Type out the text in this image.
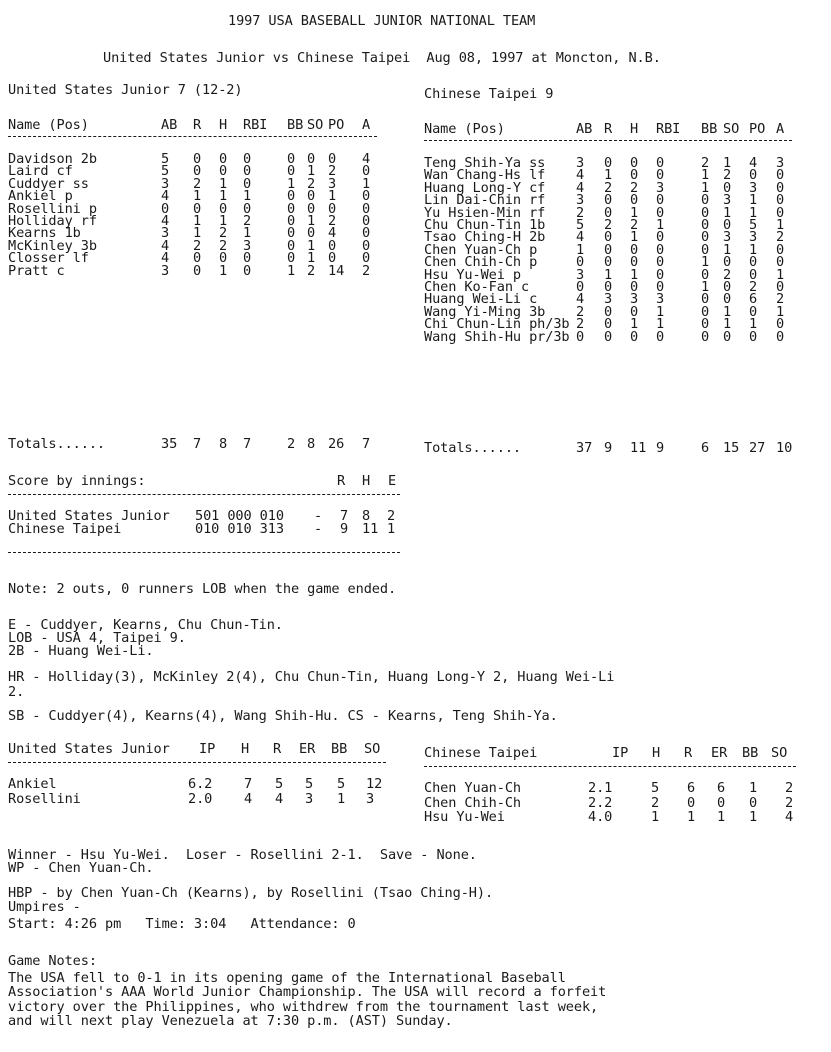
1997 USA BASEBALL JUNIOR NATIONAL TEAM
United States Junior vs Chinese Taipei  Aug 08, 1997 at Moncton, N.B.
United States Junior 7 (12-2)	Chinese Taipei 9
Name (Pos)	AB R H RBI BB SO PO A
Davidson 2b	5 0 0 0	0 0 0 4
Laird cf	5 0 0 0	0 1 2 0
Cuddyer ss	3 2 1 0	1 2 3 1
Ankiel p	4 1 1 1	0 0 1 0
Rosellini p	0 0 0 0	0 0 0 0
Holliday rf	4 1 1 2	0 1 2 0
Kearns 1b	3 1 2 1	0 0 4 0
McKinley 3b	4 2 2 3	0 1 0 0
Closser lf	4 0 0 0	0 1 0 0
Pratt c	3 0 1 0	1 2 14 2
Totals......	35 7 8 7	2 8 26 7
Name (Pos)	AB R H RBI BB SO PO A
Teng Shih-Ya ss 3 0 0 0	2 1 4 3
Wan Chang-Hs lf 4 1 0 0	1 2 0 0
Huang Long-Y cf 4 2 2 3	1 0 3 0
Lin Dai-Chin rf 3 0 0 0	0 3 1 0
Yu Hsien-Min rf 2 0 1 0	0 1 1 0
Chu Chun-Tin 1b 5 2 2 1	0 0 5 1
Tsao Ching-H 2b 4 0 1 0	0 3 3 2
Chen Yuan-Ch p	1 0 0 0	0 1 1 0
Chen Chih-Ch p	0 0 0 0	1 0 0 0
Hsu Yu-Wei p	3 1 1 0	0 2 0 1
Chen Ko-Fan c	0 0 0 0	1 0 2 0
Huang Wei-Li c	4 3 3 3	0 0 6 2
Wang Yi-Ming 3b 2 0 0 1	0 1 0 1
Chi Chun-Lin ph/3b 2 0 1 1	0 1 1 0
Wang Shih-Hu pr/3b 0 0 0 0	0 0 0 0
Totals......	37 9 11 9	6 15 27 10
Score by innings:	R H E
United States Junior 501 000 010 - 7 8 2
Chinese Taipei	010 010 313 - 9 11 1
Note: 2 outs, 0 runners LOB when the game ended.
E - Cuddyer, Kearns, Chu Chun-Tin.
LOB - USA 4, Taipei 9.
2B - Huang Wei-Li.
HR - Holliday(3), McKinley 2(4), Chu Chun-Tin, Huang Long-Y 2, Huang Wei-Li
2.
SB - Cuddyer(4), Kearns(4), Wang Shih-Hu. CS - Kearns, Teng Shih-Ya.
United States Junior IP H R ER BB SO
Ankiel	6.2 7 5 5 5 12
Rosellini	2.0 4 4 3 1 3
Chinese Taipei	IP H R ER BB SO
Chen Yuan-Ch	2.1	5 6 6 1 2
Chen Chih-Ch	2.2	2 0 0 0 2
Hsu Yu-Wei	4.0	1 1 1 1 4
Winner - Hsu Yu-Wei.  Loser - Rosellini 2-1.  Save - None.
WP - Chen Yuan-Ch.
HBP - by Chen Yuan-Ch (Kearns), by Rosellini (Tsao Ching-H).
Umpires -
Start: 4:26 pm   Time: 3:04   Attendance: 0
Game Notes:
The USA fell to 0-1 in its opening game of the International Baseball
Association's AAA World Junior Championship. The USA will record a forfeit
victory over the Philippines, who withdrew from the tournament last week,
and will next play Venezuela at 7:30 p.m. (AST) Sunday.
